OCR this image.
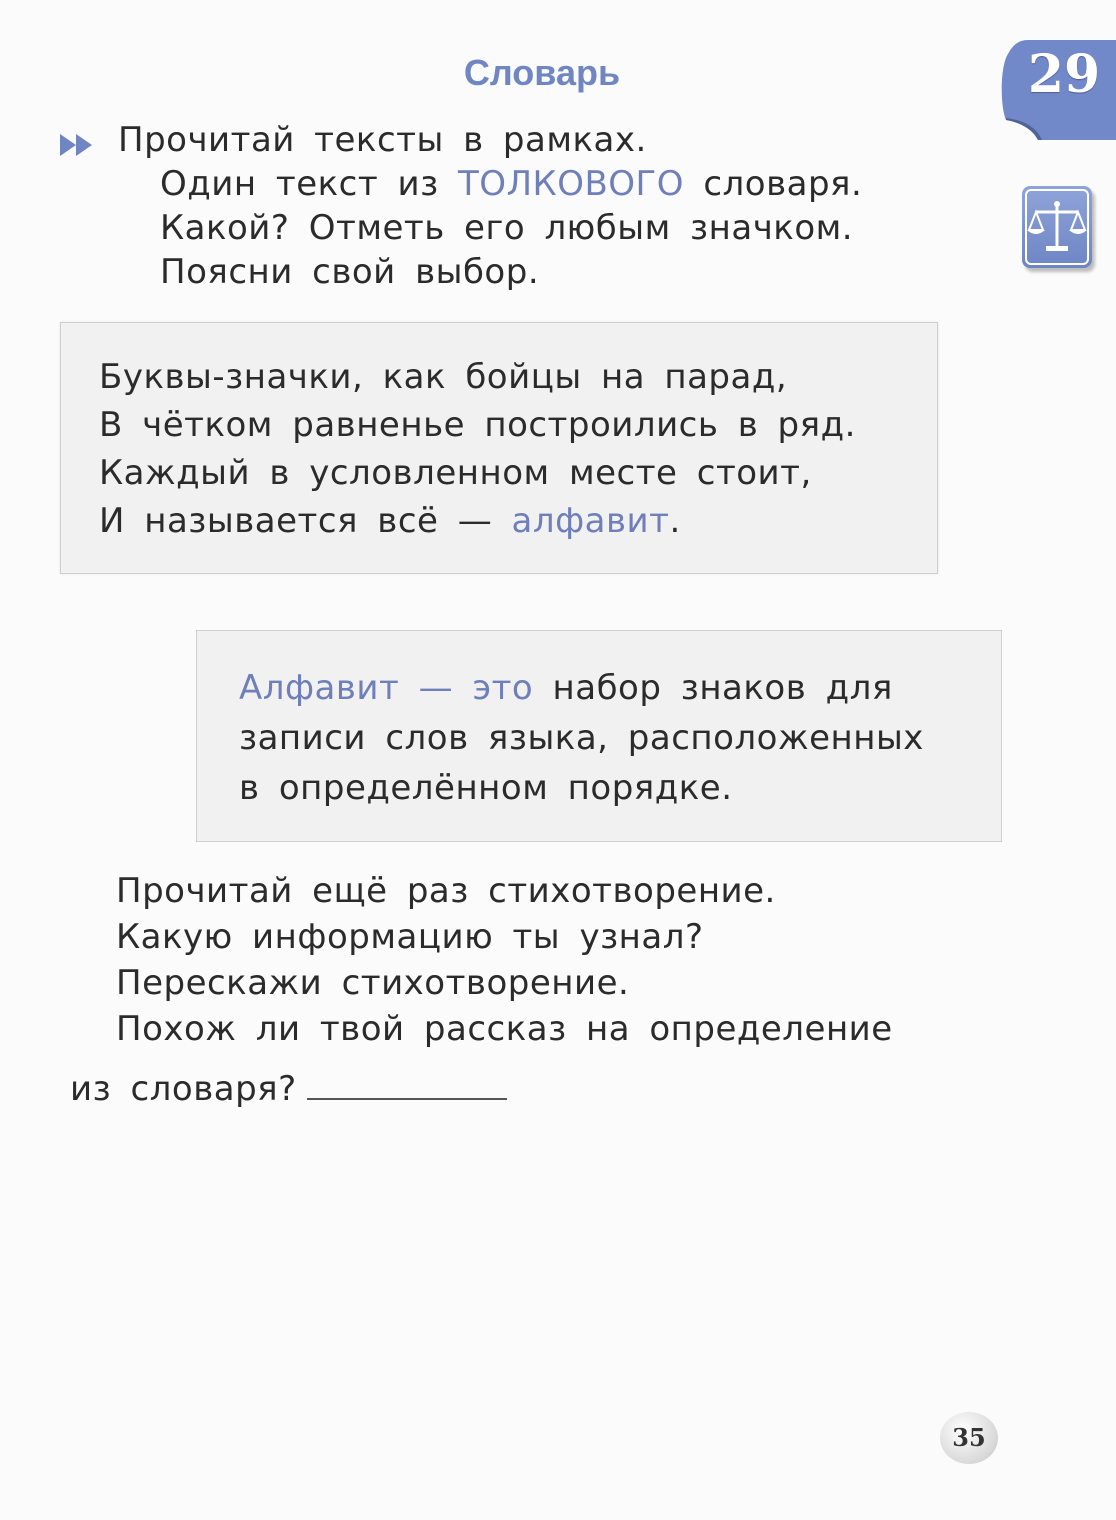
Словарь	29
Прочитай тексты в рамках.
Один текст из ТОЛКОВОГО словаря.
Какой? Отметь его любым значком.
Поясни свой выбор.
Буквы-значки, как бойцы на парад,
В чётком равненье построились в ряд.
Каждый в условленном месте стоит,
И называется всё — алфавит.
Алфавит — это набор знаков для
записи слов языка, расположенных
в определённом порядке.
Прочитай ещё раз стихотворение.
Какую информацию ты узнал?
Перескажи стихотворение.
Похож ли твой рассказ на определение
из словаря?
35
